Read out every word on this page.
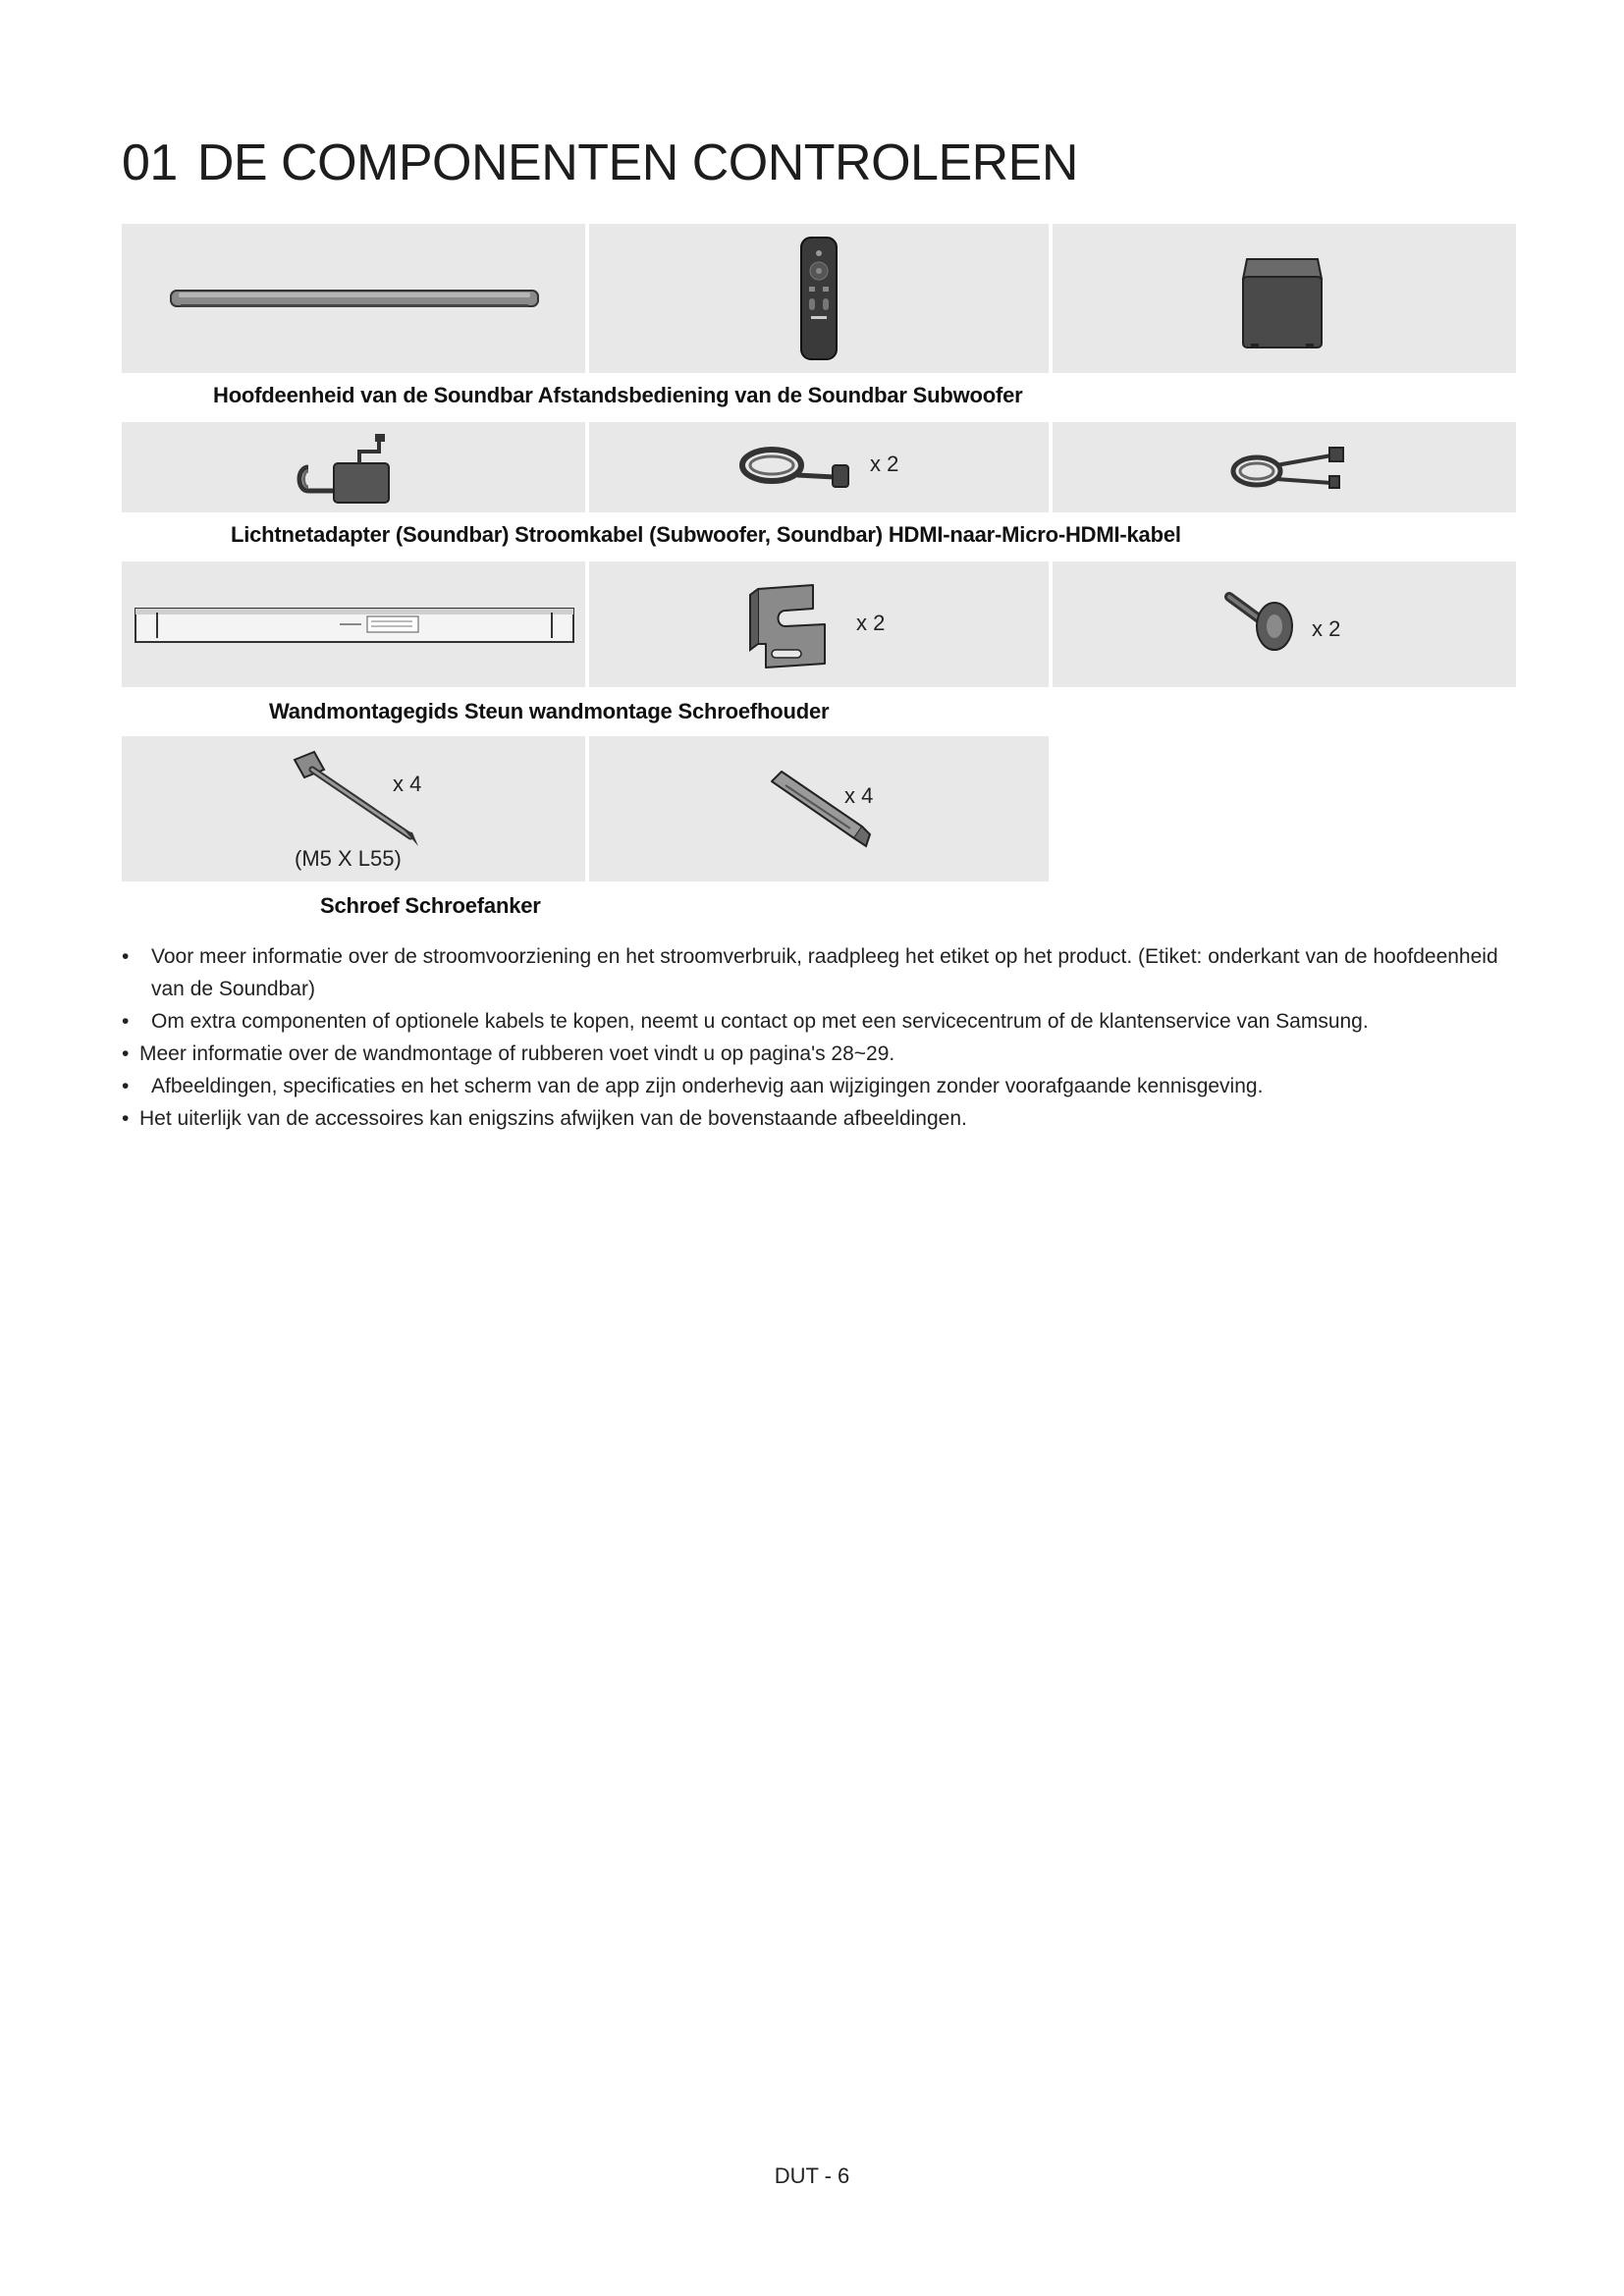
01 DE COMPONENTEN CONTROLEREN

Hoofdeenheid van de Soundbar Afstandsbediening van de Soundbar Subwoofer

x 2

Lichtnetadapter (Soundbar) Stroomkabel (Subwoofer, Soundbar) HDMI-naar-Micro-HDMI-kabel

x 2	x 2

Wandmontagegids Steun wandmontage Schroefhouder

x 4
(M5 X L55)
x 4

Schroef Schroefanker

• Voor meer informatie over de stroomvoorziening en het stroomverbruik, raadpleeg het etiket op het product. (Etiket: onderkant van de hoofdeenheid van de Soundbar)
• Om extra componenten of optionele kabels te kopen, neemt u contact op met een servicecentrum of de klantenservice van Samsung.
• Meer informatie over de wandmontage of rubberen voet vindt u op pagina's 28~29.
• Afbeeldingen, specificaties en het scherm van de app zijn onderhevig aan wijzigingen zonder voorafgaande kennisgeving.
• Het uiterlijk van de accessoires kan enigszins afwijken van de bovenstaande afbeeldingen.
DUT - 6
